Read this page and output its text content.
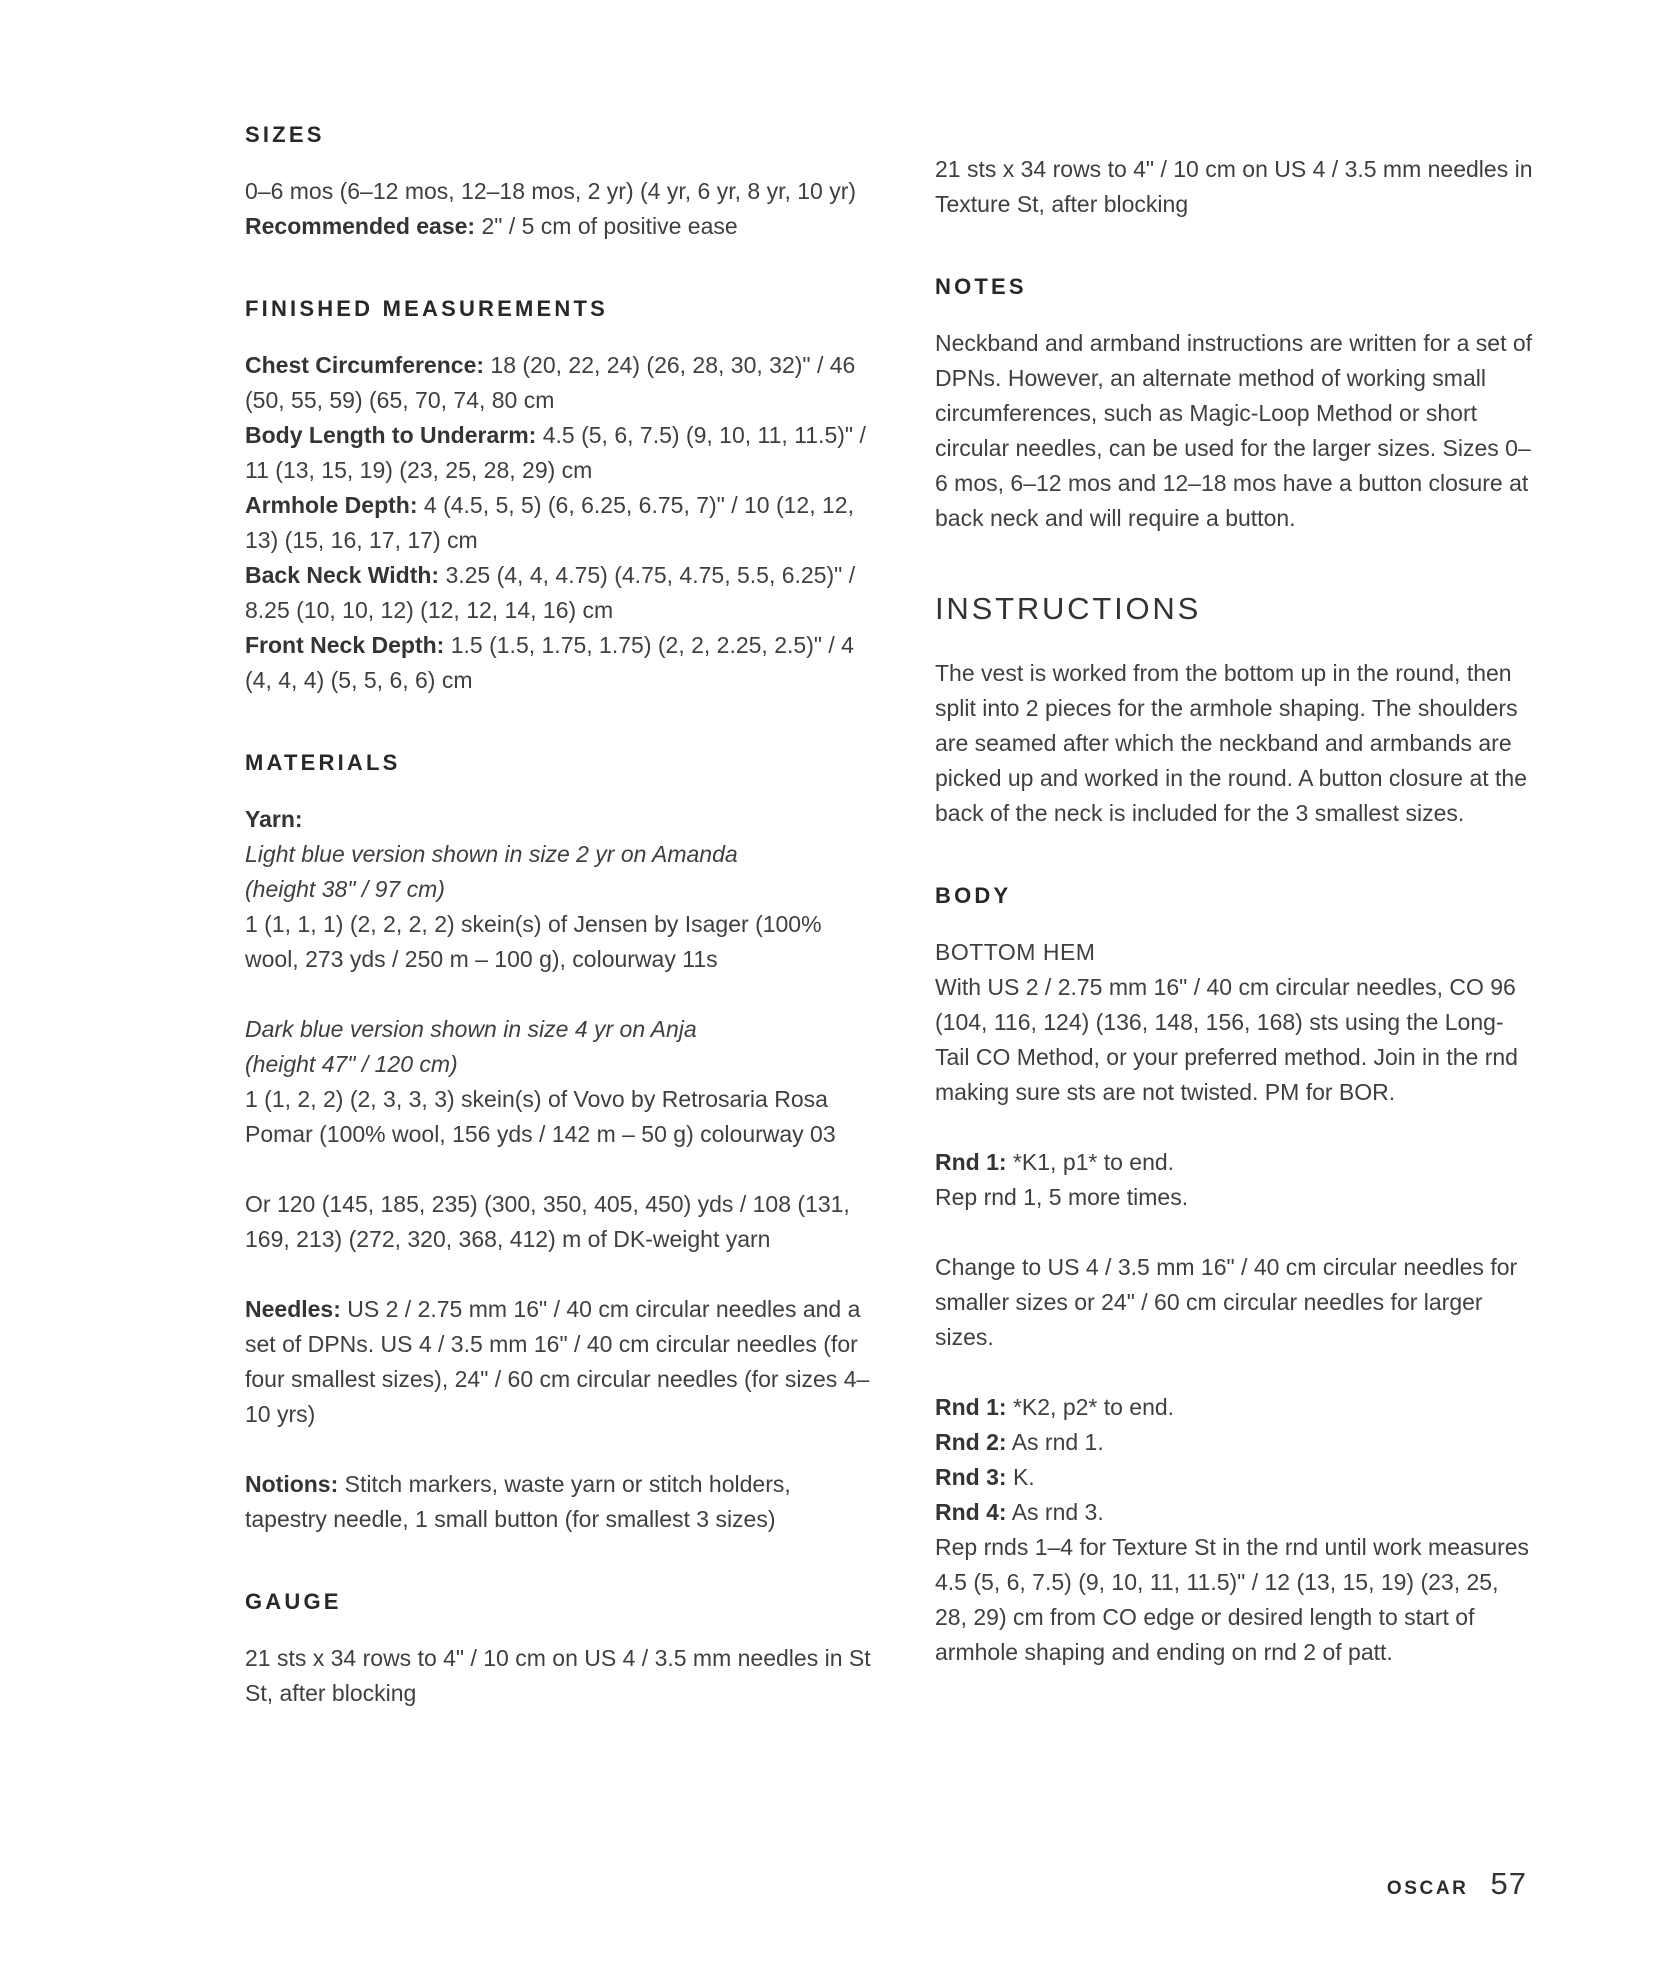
SIZES

0–6 mos (6–12 mos, 12–18 mos, 2 yr) (4 yr, 6 yr, 8 yr, 10 yr)

Recommended ease: 2" / 5 cm of positive ease

FINISHED MEASUREMENTS

Chest Circumference: 18 (20, 22, 24) (26, 28, 30, 32)" / 46 (50, 55, 59) (65, 70, 74, 80 cm

Body Length to Underarm: 4.5 (5, 6, 7.5) (9, 10, 11, 11.5)" / 11 (13, 15, 19) (23, 25, 28, 29) cm

Armhole Depth: 4 (4.5, 5, 5) (6, 6.25, 6.75, 7)" / 10 (12, 12, 13) (15, 16, 17, 17) cm

Back Neck Width: 3.25 (4, 4, 4.75) (4.75, 4.75, 5.5, 6.25)" / 8.25 (10, 10, 12) (12, 12, 14, 16) cm

Front Neck Depth: 1.5 (1.5, 1.75, 1.75) (2, 2, 2.25, 2.5)" / 4 (4, 4, 4) (5, 5, 6, 6) cm

MATERIALS

Yarn:

Light blue version shown in size 2 yr on Amanda

(height 38" / 97 cm)

1 (1, 1, 1) (2, 2, 2, 2) skein(s) of Jensen by Isager (100% wool, 273 yds / 250 m – 100 g), colourway 11s

Dark blue version shown in size 4 yr on Anja

(height 47" / 120 cm)

1 (1, 2, 2) (2, 3, 3, 3) skein(s) of Vovo by Retrosaria Rosa Pomar (100% wool, 156 yds / 142 m – 50 g) colourway 03

Or 120 (145, 185, 235) (300, 350, 405, 450) yds / 108 (131, 169, 213) (272, 320, 368, 412) m of DK-weight yarn

Needles: US 2 / 2.75 mm 16" / 40 cm circular needles and a set of DPNs. US 4 / 3.5 mm 16" / 40 cm circular needles (for four smallest sizes), 24" / 60 cm circular needles (for sizes 4–10 yrs)

Notions: Stitch markers, waste yarn or stitch holders, tapestry needle, 1 small button (for smallest 3 sizes)

GAUGE

21 sts x 34 rows to 4" / 10 cm on US 4 / 3.5 mm needles in St St, after blocking

21 sts x 34 rows to 4" / 10 cm on US 4 / 3.5 mm needles in Texture St, after blocking

NOTES

Neckband and armband instructions are written for a set of DPNs. However, an alternate method of working small circumferences, such as Magic-Loop Method or short circular needles, can be used for the larger sizes. Sizes 0–6 mos, 6–12 mos and 12–18 mos have a button closure at back neck and will require a button.

INSTRUCTIONS

The vest is worked from the bottom up in the round, then split into 2 pieces for the armhole shaping. The shoulders are seamed after which the neckband and armbands are picked up and worked in the round. A button closure at the back of the neck is included for the 3 smallest sizes.

BODY

BOTTOM HEM

With US 2 / 2.75 mm 16" / 40 cm circular needles, CO 96 (104, 116, 124) (136, 148, 156, 168) sts using the Long-Tail CO Method, or your preferred method. Join in the rnd making sure sts are not twisted. PM for BOR.

Rnd 1: *K1, p1* to end.

Rep rnd 1, 5 more times.

Change to US 4 / 3.5 mm 16" / 40 cm circular needles for smaller sizes or 24" / 60 cm circular needles for larger sizes.

Rnd 1: *K2, p2* to end.

Rnd 2: As rnd 1.

Rnd 3: K.

Rnd 4: As rnd 3.

Rep rnds 1–4 for Texture St in the rnd until work measures 4.5 (5, 6, 7.5) (9, 10, 11, 11.5)" / 12 (13, 15, 19) (23, 25, 28, 29) cm from CO edge or desired length to start of armhole shaping and ending on rnd 2 of patt.

OSCAR 57
